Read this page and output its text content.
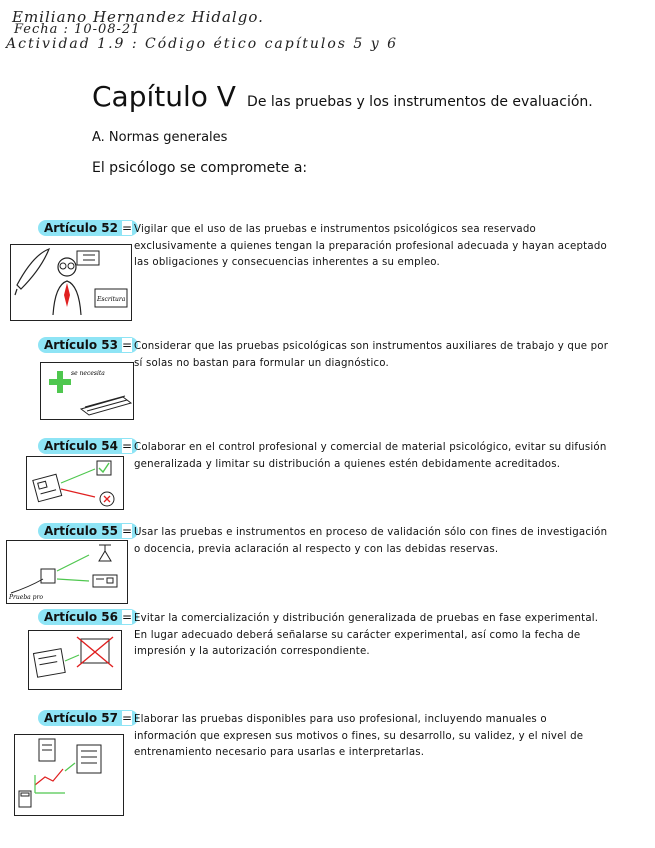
Emiliano Hernandez Hidalgo.
Fecha : 10-08-21
Actividad 1.9 : Código ético capítulos 5 y 6
Capítulo V De las pruebas y los instrumentos de evaluación.
A. Normas generales
El psicólogo se compromete a:
Artículo 52 = Vigilar que el uso de las pruebas e instrumentos psicológicos sea reservado exclusivamente a quienes tengan la preparación profesional adecuada y hayan aceptado las obligaciones y consecuencias inherentes a su empleo.
Escritura
Artículo 53 = Considerar que las pruebas psicológicas son instrumentos auxiliares de trabajo y que por sí solas no bastan para formular un diagnóstico.
se necesita
Artículo 54 = Colaborar en el control profesional y comercial de material psicológico, evitar su difusión generalizada y limitar su distribución a quienes estén debidamente acreditados.
Artículo 55 = Usar las pruebas e instrumentos en proceso de validación sólo con fines de investigación o docencia, previa aclaración al respecto y con las debidas reservas.
Prueba pro
Artículo 56 = Evitar la comercialización y distribución generalizada de pruebas en fase experimental. En lugar adecuado deberá señalarse su carácter experimental, así como la fecha de impresión y la autorización correspondiente.
Artículo 57 = Elaborar las pruebas disponibles para uso profesional, incluyendo manuales o información que expresen sus motivos o fines, su desarrollo, su validez, y el nivel de entrenamiento necesario para usarlas e interpretarlas.
